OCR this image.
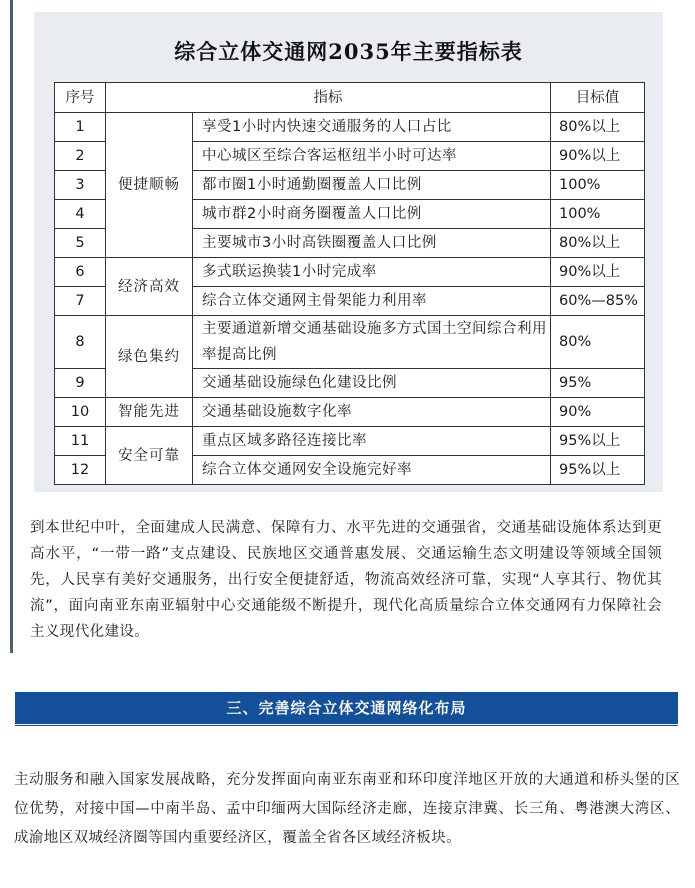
综合立体交通网2035年主要指标表
序号	指标		目标值
1	便捷顺畅	享受1小时内快速交通服务的人口占比	80%以上
2		中心城区至综合客运枢纽半小时可达率	90%以上
3		都市圈1小时通勤圈覆盖人口比例	100%
4		城市群2小时商务圈覆盖人口比例	100%
5		主要城市3小时高铁圈覆盖人口比例	80%以上
6	经济高效	多式联运换装1小时完成率	90%以上
7		综合立体交通网主骨架能力利用率	60%—85%
8	绿色集约	主要通道新增交通基础设施多方式国土空间综合利用率提高比例	80%
9		交通基础设施绿色化建设比例	95%
10	智能先进	交通基础设施数字化率	90%
11	安全可靠	重点区域多路径连接比率	95%以上
12		综合立体交通网安全设施完好率	95%以上

到本世纪中叶，全面建成人民满意、保障有力、水平先进的交通强省，交通基础设施体系达到更高水平，“一带一路”支点建设、民族地区交通普惠发展、交通运输生态文明建设等领域全国领先，人民享有美好交通服务，出行安全便捷舒适，物流高效经济可靠，实现“人享其行、物优其流”，面向南亚东南亚辐射中心交通能级不断提升，现代化高质量综合立体交通网有力保障社会主义现代化建设。

三、完善综合立体交通网络化布局

主动服务和融入国家发展战略，充分发挥面向南亚东南亚和环印度洋地区开放的大通道和桥头堡的区位优势，对接中国—中南半岛、孟中印缅两大国际经济走廊，连接京津冀、长三角、粤港澳大湾区、成渝地区双城经济圈等国内重要经济区，覆盖全省各区域经济板块。
